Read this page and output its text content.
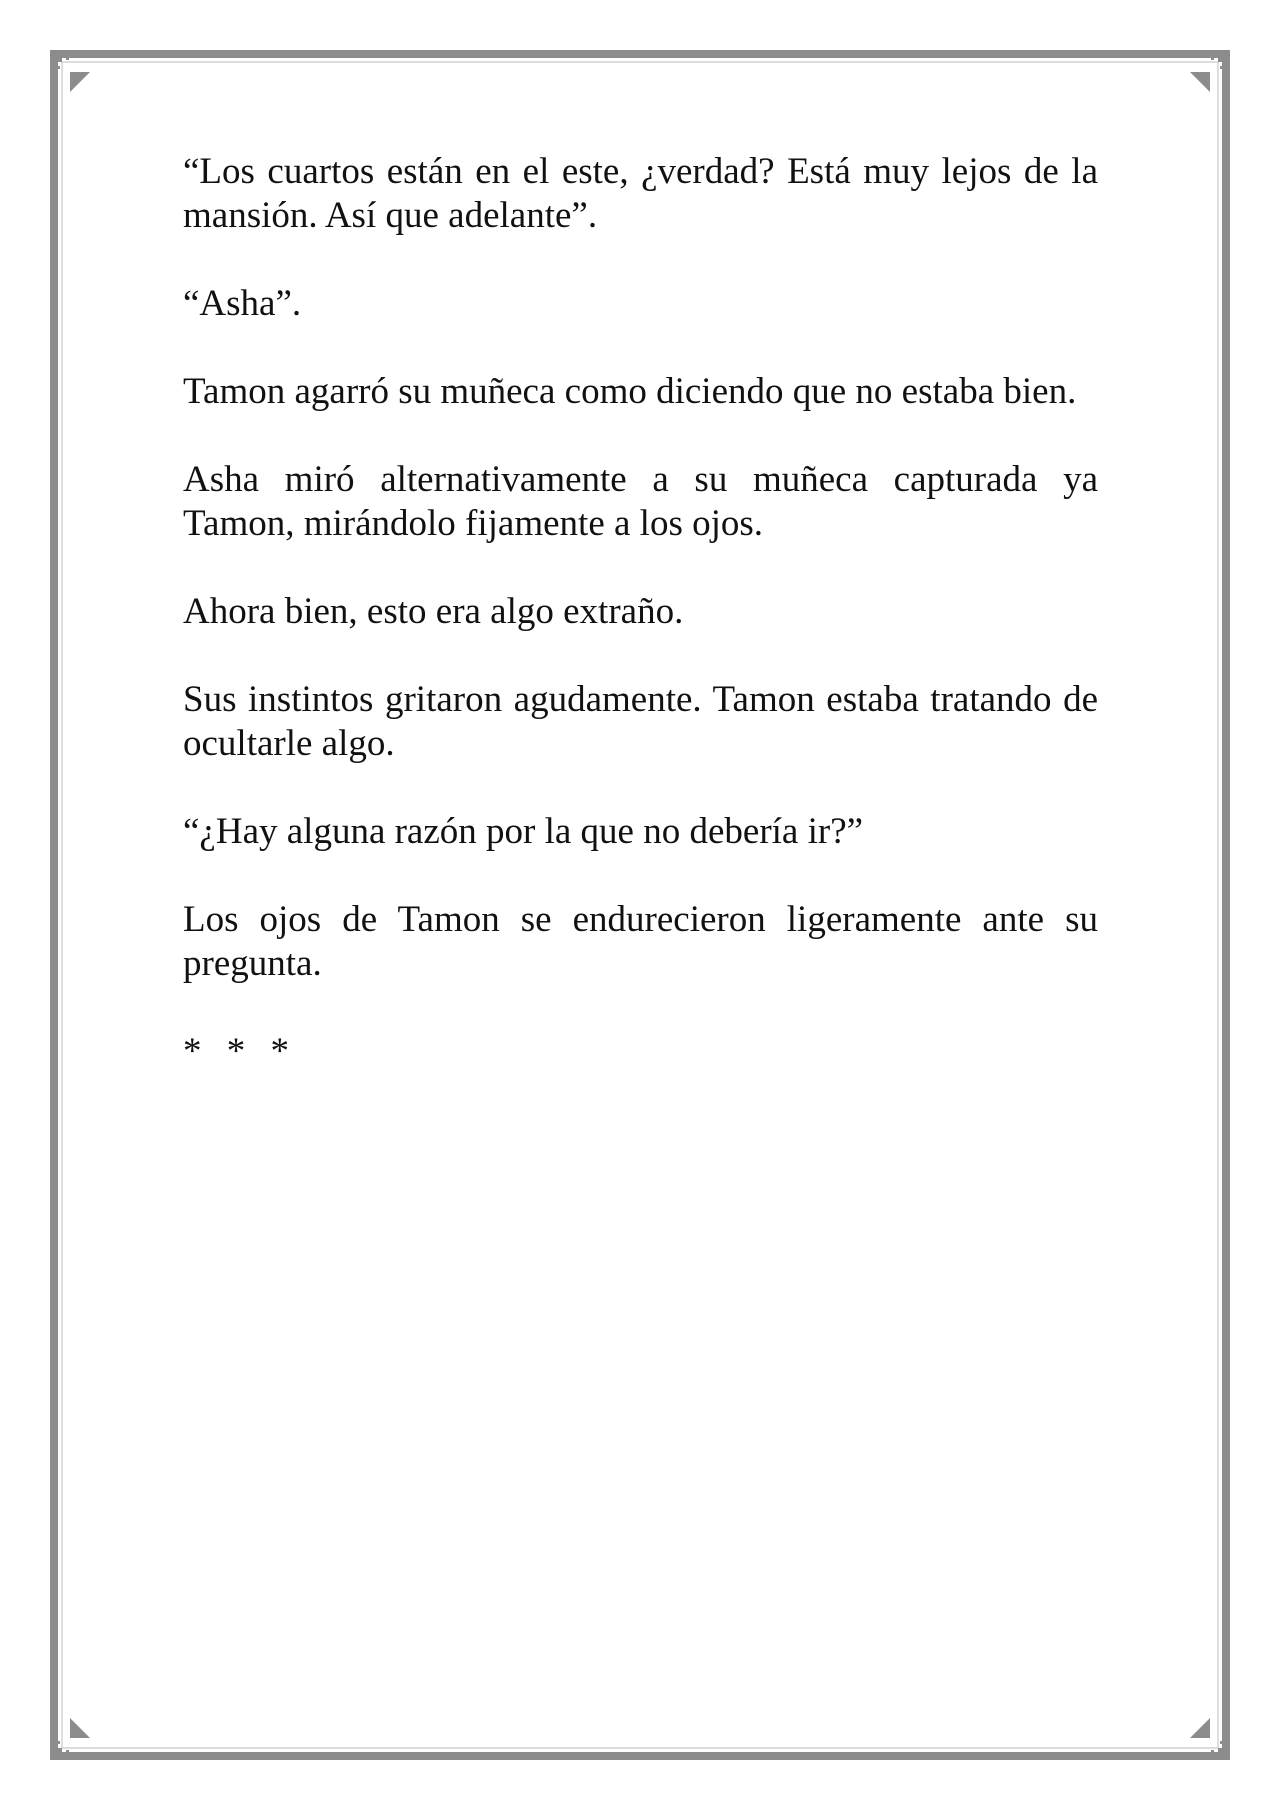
“Los cuartos están en el este, ¿verdad? Está muy lejos de la mansión. Así que adelante”.

“Asha”.

Tamon agarró su muñeca como diciendo que no estaba bien.

Asha miró alternativamente a su muñeca capturada ya Tamon, mirándolo fijamente a los ojos.

Ahora bien, esto era algo extraño.

Sus instintos gritaron agudamente. Tamon estaba tratando de ocultarle algo.

“¿Hay alguna razón por la que no debería ir?”

Los ojos de Tamon se endurecieron ligeramente ante su pregunta.

* * *
